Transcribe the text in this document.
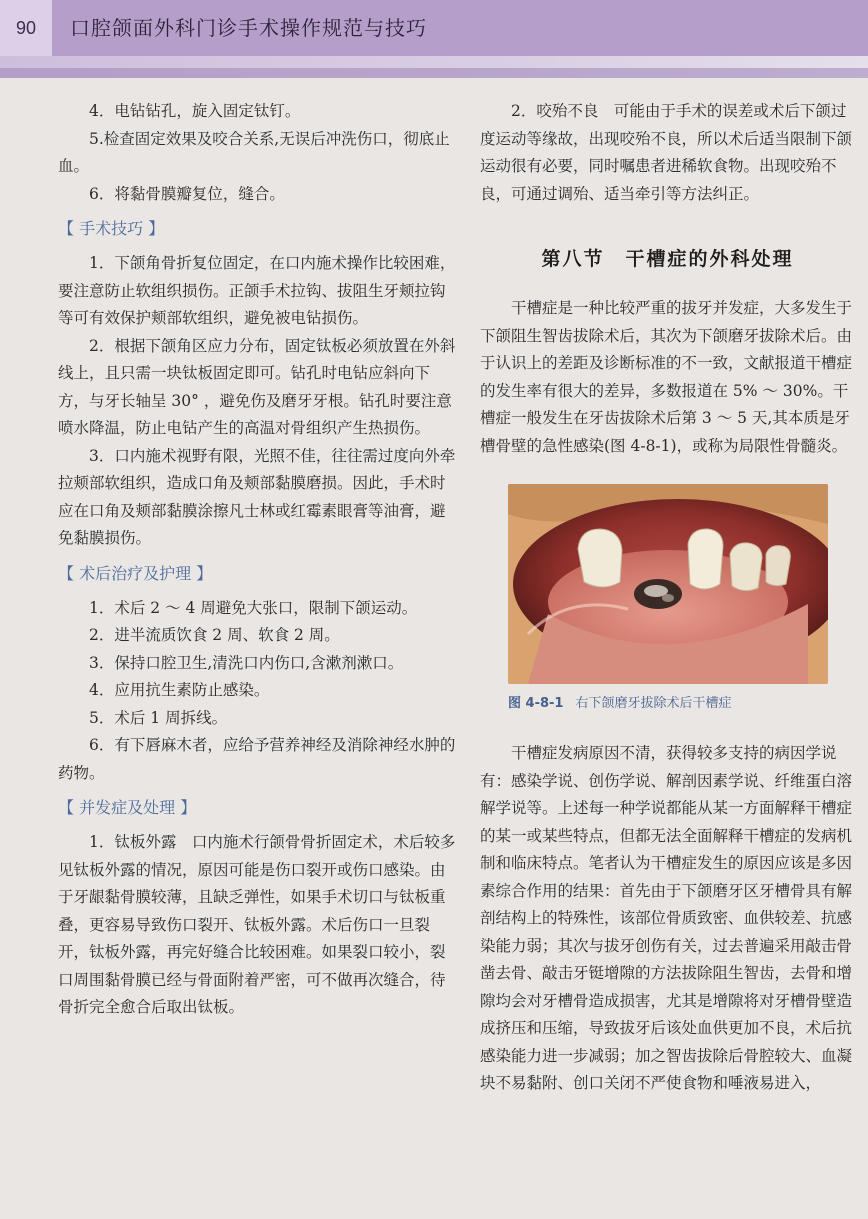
90	口腔颌面外科门诊手术操作规范与技巧

4．电钻钻孔，旋入固定钛钉。

5.检查固定效果及咬合关系,无误后冲洗伤口，彻底止血。

6．将黏骨膜瓣复位，缝合。

【 手术技巧 】

1．下颌角骨折复位固定，在口内施术操作比较困难，要注意防止软组织损伤。正颌手术拉钩、拔阻生牙颊拉钩等可有效保护颊部软组织，避免被电钻损伤。

2．根据下颌角区应力分布，固定钛板必须放置在外斜线上，且只需一块钛板固定即可。钻孔时电钻应斜向下方，与牙长轴呈 30° ，避免伤及磨牙牙根。钻孔时要注意喷水降温，防止电钻产生的高温对骨组织产生热损伤。

3．口内施术视野有限，光照不佳，往往需过度向外牵拉颊部软组织，造成口角及颊部黏膜磨损。因此，手术时应在口角及颊部黏膜涂擦凡士林或红霉素眼膏等油膏，避免黏膜损伤。

【 术后治疗及护理 】

1．术后 2 ～ 4 周避免大张口，限制下颌运动。

2．进半流质饮食 2 周、软食 2 周。

3．保持口腔卫生,清洗口内伤口,含漱剂漱口。

4．应用抗生素防止感染。

5．术后 1 周拆线。

6．有下唇麻木者，应给予营养神经及消除神经水肿的药物。

【 并发症及处理 】

1．钛板外露　口内施术行颌骨骨折固定术，术后较多见钛板外露的情况，原因可能是伤口裂开或伤口感染。由于牙龈黏骨膜较薄，且缺乏弹性，如果手术切口与钛板重叠，更容易导致伤口裂开、钛板外露。术后伤口一旦裂开，钛板外露，再完好缝合比较困难。如果裂口较小，裂口周围黏骨膜已经与骨面附着严密，可不做再次缝合，待骨折完全愈合后取出钛板。

2．咬殆不良　可能由于手术的误差或术后下颌过度运动等缘故，出现咬殆不良，所以术后适当限制下颌运动很有必要，同时嘱患者进稀软食物。出现咬殆不良，可通过调殆、适当牵引等方法纠正。

第八节　干槽症的外科处理

干槽症是一种比较严重的拔牙并发症，大多发生于下颌阻生智齿拔除术后，其次为下颌磨牙拔除术后。由于认识上的差距及诊断标准的不一致，文献报道干槽症的发生率有很大的差异，多数报道在 5% ～ 30%。干槽症一般发生在牙齿拔除术后第 3 ～ 5 天,其本质是牙槽骨壁的急性感染(图 4-8-1)，或称为局限性骨髓炎。

图 4-8-1 右下颌磨牙拔除术后干槽症

干槽症发病原因不清，获得较多支持的病因学说有：感染学说、创伤学说、解剖因素学说、纤维蛋白溶解学说等。上述每一种学说都能从某一方面解释干槽症的某一或某些特点，但都无法全面解释干槽症的发病机制和临床特点。笔者认为干槽症发生的原因应该是多因素综合作用的结果：首先由于下颌磨牙区牙槽骨具有解剖结构上的特殊性，该部位骨质致密、血供较差、抗感染能力弱；其次与拔牙创伤有关，过去普遍采用敲击骨凿去骨、敲击牙铤增隙的方法拔除阻生智齿，去骨和增隙均会对牙槽骨造成损害，尤其是增隙将对牙槽骨壁造成挤压和压缩，导致拔牙后该处血供更加不良，术后抗感染能力进一步减弱；加之智齿拔除后骨腔较大、血凝块不易黏附、创口关闭不严使食物和唾液易进入，
